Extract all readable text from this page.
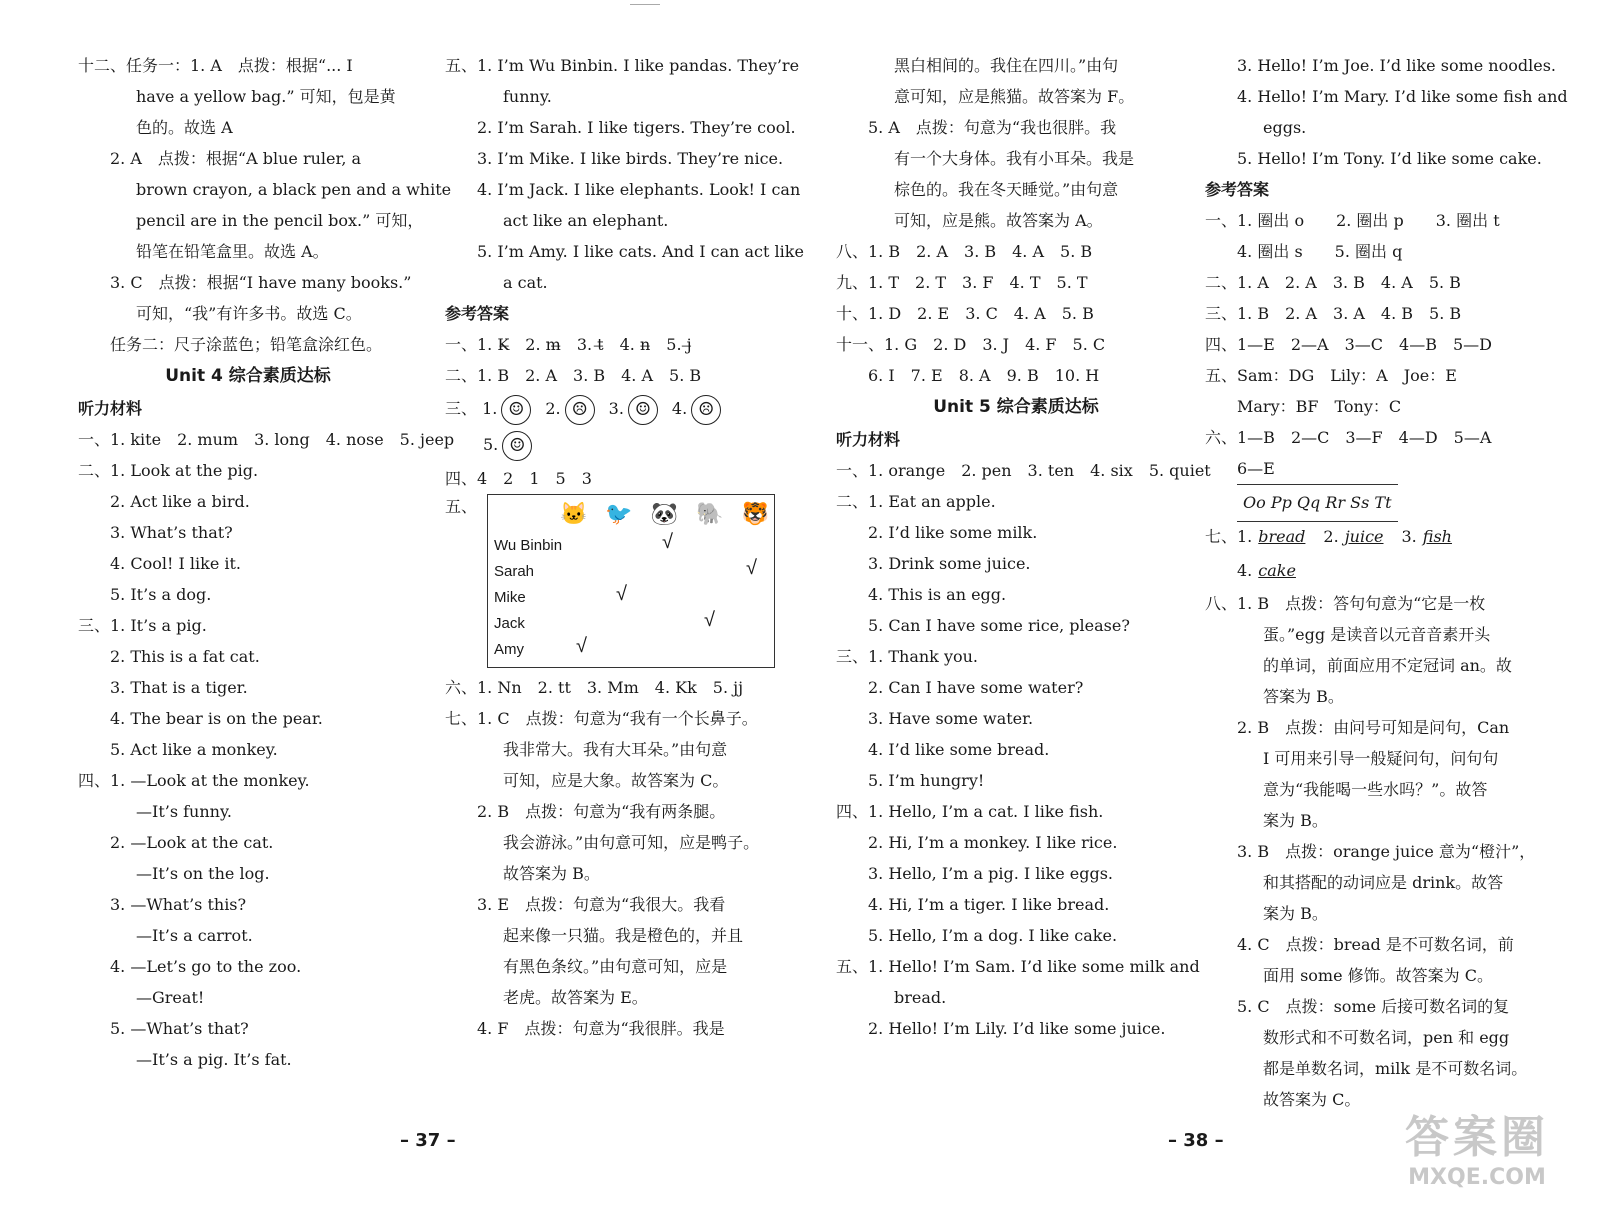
十二、任务一：1. A　点拨：根据“... I
have a yellow bag.” 可知，包是黄
色的。故选 A
2. A　点拨：根据“A blue ruler, a
brown crayon, a black pen and a white
pencil are in the pencil box.” 可知，
铅笔在铅笔盒里。故选 A。
3. C　点拨：根据“I have many books.”
可知，“我”有许多书。故选 C。
任务二：尺子涂蓝色；铅笔盒涂红色。
Unit 4 综合素质达标
听力材料
一、1. kite　2. mum　3. long　4. nose　5. jeep
二、1. Look at the pig.
2. Act like a bird.
3. What’s that?
4. Cool! I like it.
5. It’s a dog.
三、1. It’s a pig.
2. This is a fat cat.
3. That is a tiger.
4. The bear is on the pear.
5. Act like a monkey.
四、1. —Look at the monkey.
—It’s funny.
2. —Look at the cat.
—It’s on the log.
3. —What’s this?
—It’s a carrot.
4. —Let’s go to the zoo.
—Great!
5. —What’s that?
—It’s a pig. It’s fat.
五、1. I’m Wu Binbin. I like pandas. They’re
funny.
2. I’m Sarah. I like tigers. They’re cool.
3. I’m Mike. I like birds. They’re nice.
4. I’m Jack. I like elephants. Look! I can
act like an elephant.
5. I’m Amy. I like cats. And I can act like
a cat.
参考答案
一、1. K̶　2. m̶　3. t̶　4. n̶　5. j̶
二、1. B　2. A　3. B　4. A　5. B
三、 1. ☺ 2. ☹ 3. ☺ 4. ☹
5. ☺
四、4　2　1　5　3
五、	🐱 🐦 🐼 🐘 🐯
Wu Binbin
Sarah
Mike
Jack
Amy
√
√
√
√
√
六、1. Nn　2. tt　3. Mm　4. Kk　5. jj
七、1. C　点拨：句意为“我有一个长鼻子。
我非常大。我有大耳朵。”由句意
可知，应是大象。故答案为 C。
2. B　点拨：句意为“我有两条腿。
我会游泳。”由句意可知，应是鸭子。
故答案为 B。
3. E　点拨：句意为“我很大。我看
起来像一只猫。我是橙色的，并且
有黑色条纹。”由句意可知，应是
老虎。故答案为 E。
4. F　点拨：句意为“我很胖。我是
– 37 –
黑白相间的。我住在四川。”由句
意可知，应是熊猫。故答案为 F。
5. A　点拨：句意为“我也很胖。我
有一个大身体。我有小耳朵。我是
棕色的。我在冬天睡觉。”由句意
可知，应是熊。故答案为 A。
八、1. B　2. A　3. B　4. A　5. B
九、1. T　2. T　3. F　4. T　5. T
十、1. D　2. E　3. C　4. A　5. B
十一、1. G　2. D　3. J　4. F　5. C
6. I　7. E　8. A　9. B　10. H
Unit 5 综合素质达标
听力材料
一、1. orange　2. pen　3. ten　4. six　5. quiet
二、1. Eat an apple.
2. I’d like some milk.
3. Drink some juice.
4. This is an egg.
5. Can I have some rice, please?
三、1. Thank you.
2. Can I have some water?
3. Have some water.
4. I’d like some bread.
5. I’m hungry!
四、1. Hello, I’m a cat. I like fish.
2. Hi, I’m a monkey. I like rice.
3. Hello, I’m a pig. I like eggs.
4. Hi, I’m a tiger. I like bread.
5. Hello, I’m a dog. I like cake.
五、1. Hello! I’m Sam. I’d like some milk and
bread.
2. Hello! I’m Lily. I’d like some juice.
3. Hello! I’m Joe. I’d like some noodles.
4. Hello! I’m Mary. I’d like some fish and
eggs.
5. Hello! I’m Tony. I’d like some cake.
参考答案
一、1. 圈出 o　　2. 圈出 p　　3. 圈出 t
4. 圈出 s　　5. 圈出 q
二、1. A　2. A　3. B　4. A　5. B
三、1. B　2. A　3. A　4. B　5. B
四、1—E　2—A　3—C　4—B　5—D
五、Sam：DG　Lily：A　Joe：E
Mary：BF　Tony：C
六、1—B　2—C　3—F　4—D　5—A
6—E
Oo Pp Qq Rr Ss Tt
七、1. bread 2. juice 3. fish
4. cake
八、1. B　点拨：答句句意为“它是一枚
蛋。”egg 是读音以元音音素开头
的单词，前面应用不定冠词 an。故
答案为 B。
2. B　点拨：由问号可知是问句，Can
I 可用来引导一般疑问句，问句句
意为“我能喝一些水吗？”。故答
案为 B。
3. B　点拨：orange juice 意为“橙汁”，
和其搭配的动词应是 drink。故答
案为 B。
4. C　点拨：bread 是不可数名词，前
面用 some 修饰。故答案为 C。
5. C　点拨：some 后接可数名词的复
数形式和不可数名词，pen 和 egg
都是单数名词，milk 是不可数名词。
故答案为 C。
– 38 –	答案圈
MXQE.COM
